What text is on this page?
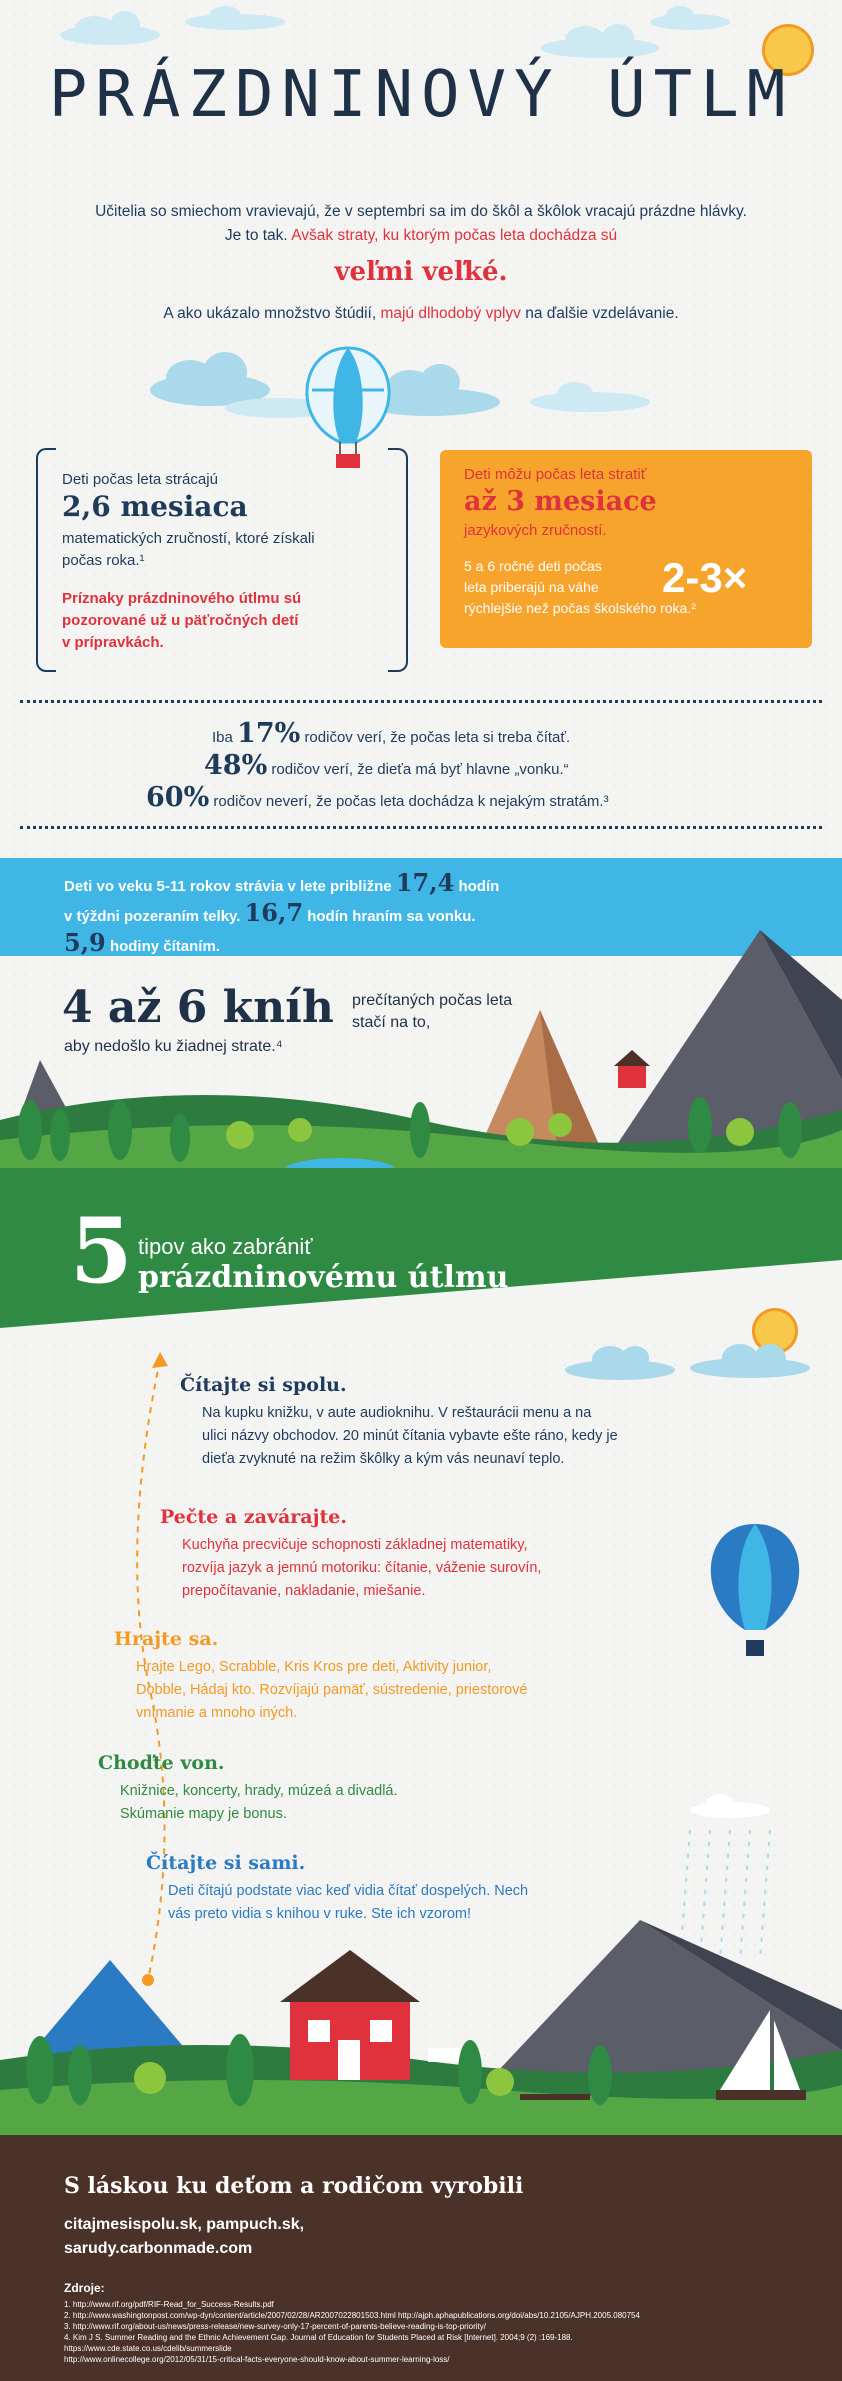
PRÁZDNINOVÝ ÚTLM
Učitelia so smiechom vravievajú, že v septembri sa im do škôl a škôlok vracajú prázdne hlávky.
Je to tak. Avšak straty, ku ktorým počas leta dochádza sú
veľmi veľké.
A ako ukázalo množstvo štúdií, majú dlhodobý vplyv na ďalšie vzdelávanie.
Deti počas leta strácajú
2,6 mesiaca
matematických zručností, ktoré získali
počas roka.¹
Príznaky prázdninového útlmu sú
pozorované už u päťročných detí
v prípravkách.
Deti môžu počas leta stratiť
až 3 mesiace
jazykových zručností.
5 a 6 ročné deti počas
leta priberajú na váhe
rýchlejšie než počas školského roka.²
2-3×
Iba 17% rodičov verí, že počas leta si treba čítať.
48% rodičov verí, že dieťa má byť hlavne „vonku.“
60% rodičov neverí, že počas leta dochádza k nejakým stratám.³
Deti vo veku 5-11 rokov strávia v lete približne 17,4 hodín
v týždni pozeraním telky. 16,7 hodín hraním sa vonku.
5,9 hodiny čítaním.
4 až 6 kníh prečítaných počas leta
stačí na to,
aby nedošlo ku žiadnej strate.⁴
5 tipov ako zabrániť
prázdninovému útlmu
Čítajte si spolu.
Na kupku knižku, v aute audioknihu. V reštaurácii menu a na
ulici názvy obchodov. 20 minút čítania vybavte ešte ráno, kedy je
dieťa zvyknuté na režim škôlky a kým vás neunaví teplo.
Pečte a zavárajte.
Kuchyňa precvičuje schopnosti základnej matematiky,
rozvíja jazyk a jemnú motoriku: čítanie, váženie surovín,
prepočítavanie, nakladanie, miešanie.
Hrajte sa.
Hrajte Lego, Scrabble, Kris Kros pre deti, Aktivity junior,
Dobble, Hádaj kto. Rozvíjajú pamäť, sústredenie, priestorové
vnímanie a mnoho iných.
Choďte von.
Knižnice, koncerty, hrady, múzeá a divadlá.
Skúmanie mapy je bonus.
Čítajte si sami.
Deti čítajú podstate viac keď vidia čítať dospelých. Nech
vás preto vidia s knihou v ruke. Ste ich vzorom!
S láskou ku deťom a rodičom vyrobili
citajmesispolu.sk, pampuch.sk,
sarudy.carbonmade.com
Zdroje:
1. http://www.rif.org/pdf/RIF-Read_for_Success-Results.pdf
2. http://www.washingtonpost.com/wp-dyn/content/article/2007/02/28/AR2007022801503.html http://ajph.aphapublications.org/doi/abs/10.2105/AJPH.2005.080754
3. http://www.rif.org/about-us/news/press-release/new-survey-only-17-percent-of-parents-believe-reading-is-top-priority/
4. Kim J S. Summer Reading and the Ethnic Achievement Gap. Journal of Education for Students Placed at Risk [Internet]. 2004;9 (2) :169-188.
https://www.cde.state.co.us/cdelib/summerslide
http://www.onlinecollege.org/2012/05/31/15-critical-facts-everyone-should-know-about-summer-learning-loss/
